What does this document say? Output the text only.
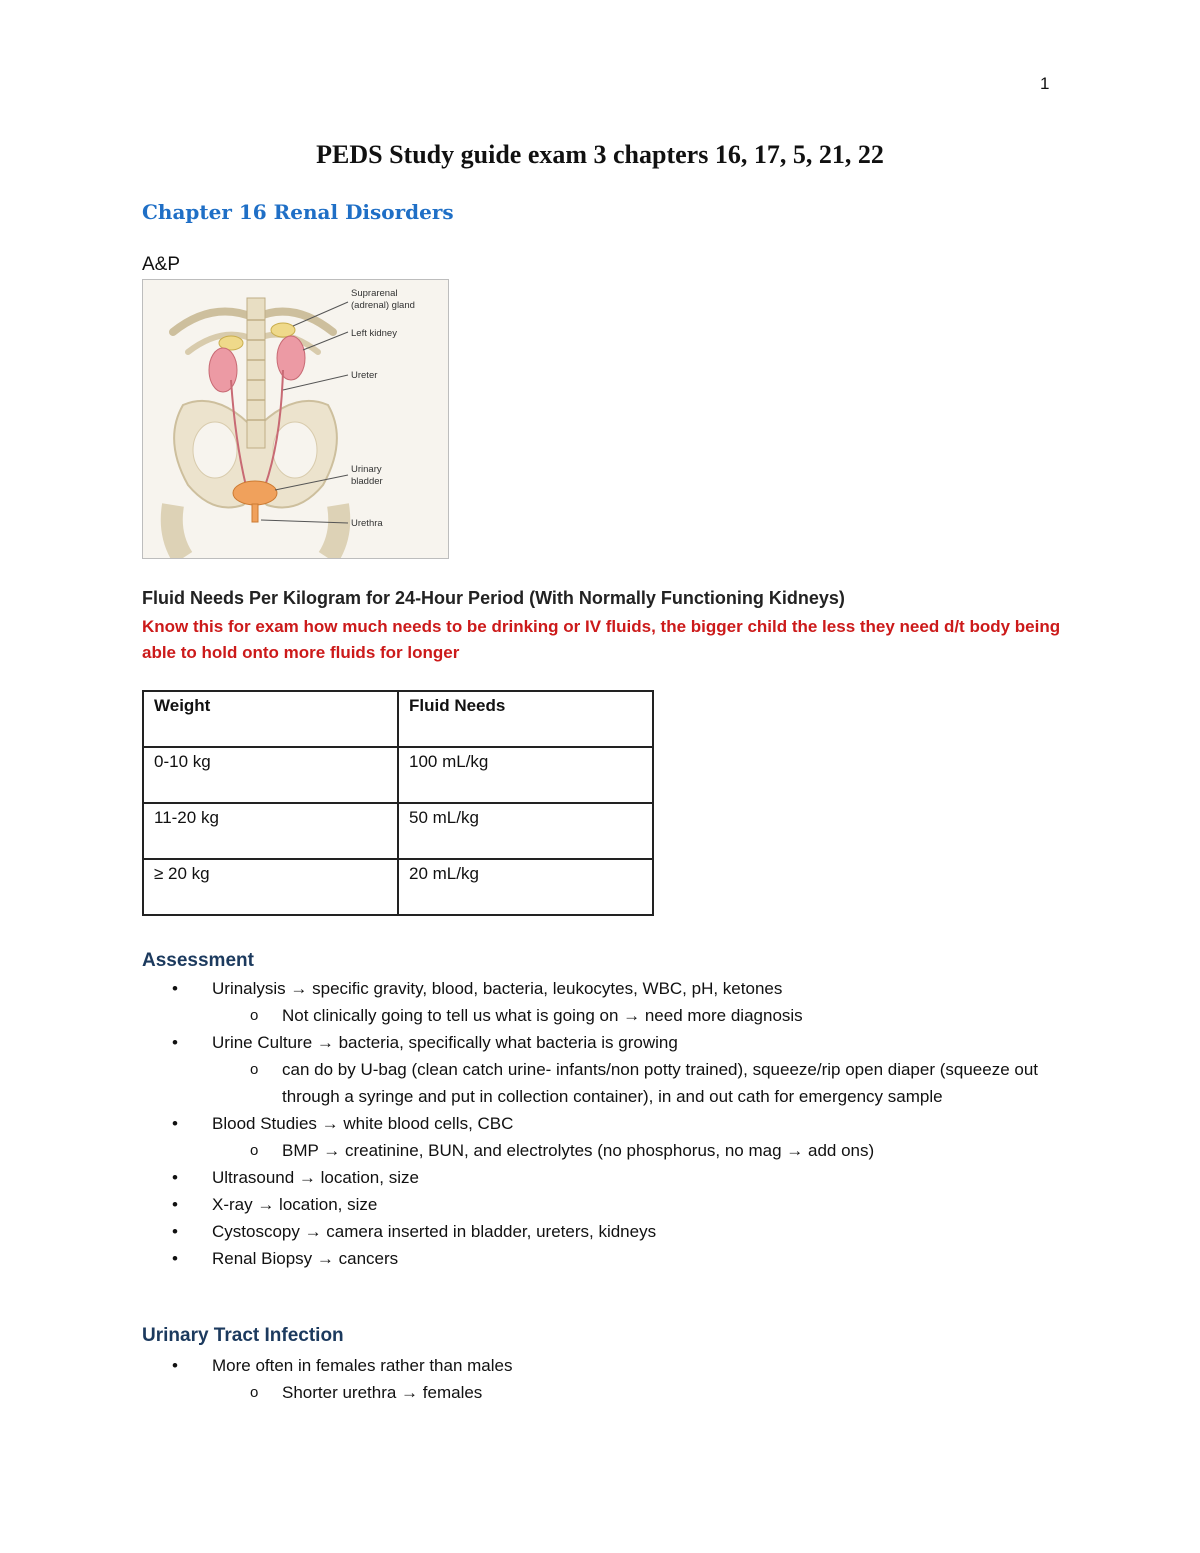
1
PEDS Study guide exam 3 chapters 16, 17, 5, 21, 22
Chapter 16 Renal Disorders
A&P
Suprarenal
(adrenal) gland
Left kidney
Ureter
Urinary
bladder
Urethra
Fluid Needs Per Kilogram for 24-Hour Period (With Normally Functioning Kidneys)
Know this for exam how much needs to be drinking or IV fluids, the bigger child the less they need d/t body being able to hold onto more fluids for longer
Weight	Fluid Needs
0-10 kg	100 mL/kg
11-20 kg	50 mL/kg
≥ 20 kg	20 mL/kg
Assessment
• Urinalysis → specific gravity, blood, bacteria, leukocytes, WBC, pH, ketones
o Not clinically going to tell us what is going on → need more diagnosis
• Urine Culture → bacteria, specifically what bacteria is growing
o can do by U-bag (clean catch urine- infants/non potty trained), squeeze/rip open diaper (squeeze out through a syringe and put in collection container), in and out cath for emergency sample
• Blood Studies → white blood cells, CBC
o BMP → creatinine, BUN, and electrolytes (no phosphorus, no mag → add ons)
• Ultrasound → location, size
• X-ray → location, size
• Cystoscopy → camera inserted in bladder, ureters, kidneys
• Renal Biopsy → cancers
Urinary Tract Infection
• More often in females rather than males
o Shorter urethra → females
